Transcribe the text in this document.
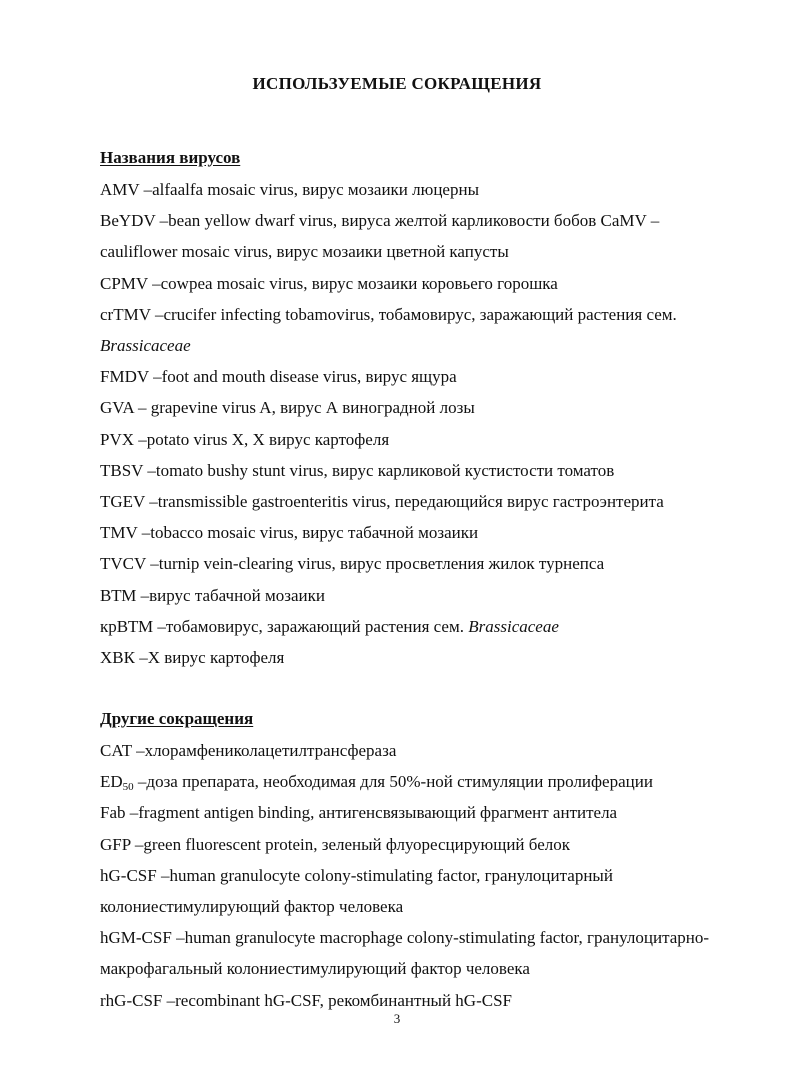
ИСПОЛЬЗУЕМЫЕ СОКРАЩЕНИЯ
Названия вирусов
AMV – alfaalfa mosaic virus, вирус мозаики люцерны
BeYDV – bean yellow dwarf virus, вируса желтой карликовости бобов CaMV – cauliflower mosaic virus, вирус мозаики цветной капусты
CPMV – cowpea mosaic virus, вирус мозаики коровьего горошка
crTMV – crucifer infecting tobamovirus, тобамовирус, заражающий растения сем. Brassicaceae
FMDV – foot and mouth disease virus, вирус ящура
GVA – grapevine virus A, вирус А виноградной лозы
PVX – potato virus X, Х вирус картофеля
TBSV – tomato bushy stunt virus, вирус карликовой кустистости томатов
TGEV – transmissible gastroenteritis virus, передающийся вирус гастроэнтерита
TMV – tobacco mosaic virus, вирус табачной мозаики
TVCV – turnip vein-clearing virus, вирус просветления жилок турнепса
ВТМ – вирус табачной мозаики
крВТМ – тобамовирус, заражающий растения сем. Brassicaceae
ХВК – Х вирус картофеля
Другие сокращения
CAT – хлорамфениколацетилтрансфераза
$ED_{50}$ – доза препарата, необходимая для 50%-ной стимуляции пролиферации
Fab – fragment antigen binding, антигенсвязывающий фрагмент антитела
GFP – green fluorescent protein, зеленый флуоресцирующий белок
hG-CSF – human granulocyte colony-stimulating factor, гранулоцитарный колониестимулирующий фактор человека
hGM-CSF – human granulocyte macrophage colony-stimulating factor, гранулоцитарно-макрофагальный колониестимулирующий фактор человека
rhG-CSF – recombinant hG-CSF, рекомбинантный hG-CSF
3
